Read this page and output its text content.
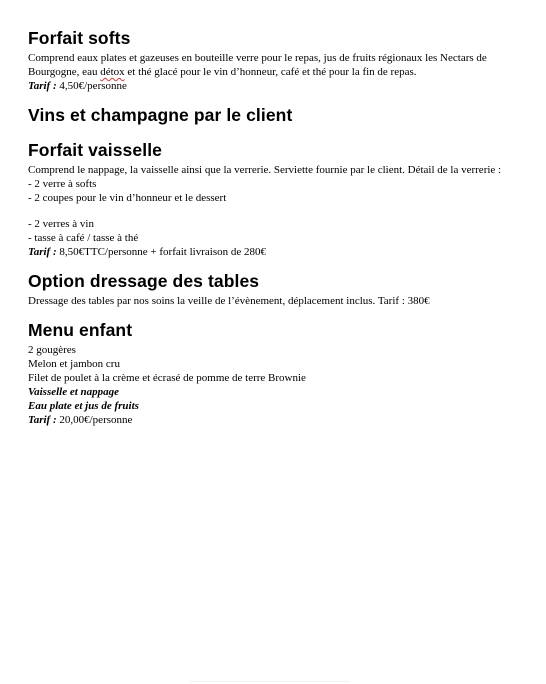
Forfait softs

Comprend eaux plates et gazeuses en bouteille verre pour le repas, jus de fruits régionaux les Nectars de Bourgogne, eau détox et thé glacé pour le vin d’honneur, café et thé pour la fin de repas.

Tarif : 4,50€/personne

Vins et champagne par le client
Forfait vaisselle

Comprend le nappage, la vaisselle ainsi que la verrerie. Serviette fournie par le client. Détail de la verrerie :

- 2 verre à softs

- 2 coupes pour le vin d’honneur et le dessert

- 2 verres à vin

- tasse à café / tasse à thé

Tarif : 8,50€TTC/personne + forfait livraison de 280€

Option dressage des tables

Dressage des tables par nos soins la veille de l’évènement, déplacement inclus. Tarif : 380€

Menu enfant

2 gougères

Melon et jambon cru

Filet de poulet à la crème et écrasé de pomme de terre Brownie

Vaisselle et nappage

Eau plate et jus de fruits

Tarif : 20,00€/personne
